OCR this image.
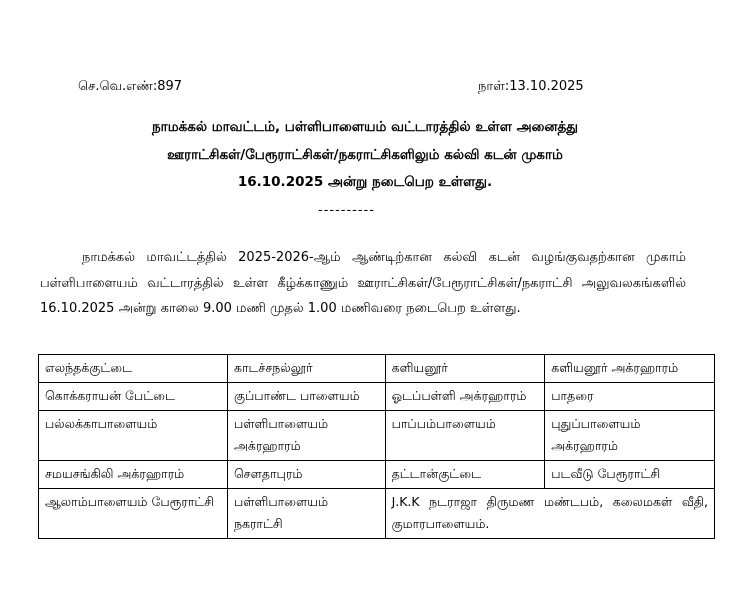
செ.வெ.எண்:897	நாள்:13.10.2025
நாமக்கல் மாவட்டம், பள்ளிபாளையம் வட்டாரத்தில் உள்ள அனைத்து
ஊராட்சிகள்/பேரூராட்சிகள்/நகராட்சிகளிலும் கல்வி கடன் முகாம்
16.10.2025 அன்று நடைபெற உள்ளது.
----------
நாமக்கல் மாவட்டத்தில் 2025-2026-ஆம் ஆண்டிற்கான கல்வி கடன் வழங்குவதற்கான முகாம் பள்ளிபாளையம் வட்டாரத்தில் உள்ள கீழ்க்காணும் ஊராட்சிகள்/பேரூராட்சிகள்/நகராட்சி அலுவலகங்களில் 16.10.2025 அன்று காலை 9.00 மணி முதல் 1.00 மணிவரை நடைபெற உள்ளது.
எலந்தக்குட்டை	காடச்சநல்லூர்	களியனூர்	களியனூர் அக்ரஹாரம்
கொக்கராயன் பேட்டை	குப்பாண்ட பாளையம்	ஓடப்பள்ளி அக்ரஹாரம்	பாதரை
பல்லக்காபாளையம்	பள்ளிபாளையம் அக்ரஹாரம்	பாப்பம்பாளையம்	புதுப்பாளையம் அக்ரஹாரம்
சமயசங்கிலி அக்ரஹாரம்	சௌதாபுரம்	தட்டான்குட்டை	படவீடு பேரூராட்சி
ஆலாம்பாளையம் பேரூராட்சி	பள்ளிபாளையம் நகராட்சி	J.K.K நடராஜா திருமண மண்டபம், கலைமகள் வீதி, குமாரபாளையம்.	
